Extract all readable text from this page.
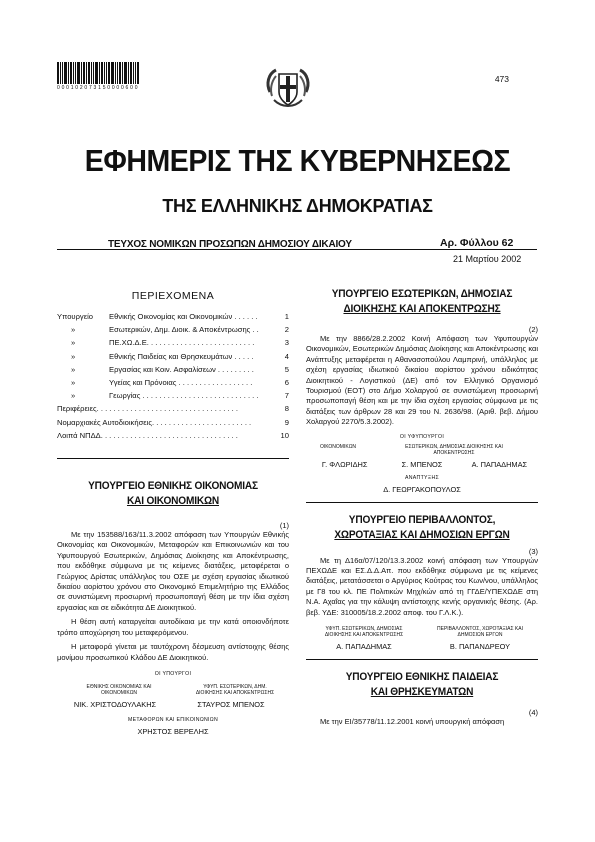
0 0 0 1 0 2 0 7 3 1 5 0 0 0 0 6 0 0
473
ΕΦΗΜΕΡΙΣ ΤΗΣ ΚΥΒΕΡΝΗΣΕΩΣ
ΤΗΣ ΕΛΛΗΝΙΚΗΣ ΔΗΜΟΚΡΑΤΙΑΣ
ΤΕΥΧΟΣ ΝΟΜΙΚΩΝ ΠΡΟΣΩΠΩΝ ΔΗΜΟΣΙΟΥ ΔΙΚΑΙΟΥ	Αρ. Φύλλου 62
21 Μαρτίου 2002
ΠΕΡΙΕΧΟΜΕΝΑ
Υπουργείο	Εθνικής Οικονομίας και Οικονομικών . . . . . .	1
»	Εσωτερικών, Δημ. Διοικ. & Αποκέντρωσης . .	2
»	ΠΕ.ΧΩ.Δ.Ε. . . . . . . . . . . . . . . . . . . . . . . . . .	3
»	Εθνικής Παιδείας και Θρησκευμάτων . . . . .	4
»	Εργασίας και Κοιν. Ασφαλίσεων . . . . . . . . .	5
»	Υγείας και Πρόνοιας . . . . . . . . . . . . . . . . . .	6
»	Γεωργίας . . . . . . . . . . . . . . . . . . . . . . . . . . . .	7
Περιφέρειες . . . . . . . . . . . . . . . . . . . . . . . . . . . . . . . . . .	8
Νομαρχιακές Αυτοδιοικήσεις . . . . . . . . . . . . . . . . . . . . . . . .	9
Λοιπά ΝΠΔΔ . . . . . . . . . . . . . . . . . . . . . . . . . . . . . . . . .	10
ΥΠΟΥΡΓΕΙΟ ΕΘΝΙΚΗΣ ΟΙΚΟΝΟΜΙΑΣ
ΚΑΙ ΟΙΚΟΝΟΜΙΚΩΝ
(1)

Με την 153588/163/11.3.2002 απόφαση των Υπουργών Εθνικής Οικονομίας και Οικονομικών, Μεταφορών και Επικοινωνιών και του Υφυπουργού Εσωτερικών, Δημόσιας Διοίκησης και Αποκέντρωσης, που εκδόθηκε σύμφωνα με τις κείμενες διατάξεις, μεταφέρεται ο Γεώργιος Δρίστας υπάλληλος του ΟΣΕ με σχέση εργασίας ιδιωτικού δικαίου αορίστου χρόνου στο Οικονομικό Επιμελητήριο της Ελλάδος σε συνιστώμενη προσωρινή προσωποπαγή θέση με την ίδια σχέση εργασίας και σε ειδικότητα ΔΕ Διοικητικού.

Η θέση αυτή καταργείται αυτοδίκαια με την κατά οποιονδήποτε τρόπο αποχώρηση του μεταφερόμενου.

Η μεταφορά γίνεται με ταυτόχρονη δέσμευση αντίστοιχης θέσης μονίμου προσωπικού Κλάδου ΔΕ Διοικητικού.

ΟΙ ΥΠΟΥΡΓΟΙ
ΕΘΝΙΚΗΣ ΟΙΚΟΝΟΜΙΑΣ ΚΑΙ ΟΙΚΟΝΟΜΙΚΩΝ
ΥΦΥΠ. ΕΣΩΤΕΡΙΚΩΝ, ΔΗΜ. ΔΙΟΙΚΗΣΗΣ ΚΑΙ ΑΠΟΚΕΝΤΡΩΣΗΣ
ΝΙΚ. ΧΡΙΣΤΟΔΟΥΛΑΚΗΣ	ΣΤΑΥΡΟΣ ΜΠΕΝΟΣ
ΜΕΤΑΦΟΡΩΝ ΚΑΙ ΕΠΙΚΟΙΝΩΝΙΩΝ
ΧΡΗΣΤΟΣ ΒΕΡΕΛΗΣ
ΥΠΟΥΡΓΕΙΟ ΕΣΩΤΕΡΙΚΩΝ, ΔΗΜΟΣΙΑΣ
ΔΙΟΙΚΗΣΗΣ ΚΑΙ ΑΠΟΚΕΝΤΡΩΣΗΣ
(2)

Με την 8866/28.2.2002 Κοινή Απόφαση των Υφυπουργών Οικονομικών, Εσωτερικών Δημόσιας Διοίκησης και Αποκέντρωσης και Ανάπτυξης μεταφέρεται η Αθανασοπούλου Λαμπρινή, υπάλληλος με σχέση εργασίας ιδιωτικού δικαίου αορίστου χρόνου ειδικότητας Διοικητικού - Λογιστικού (ΔΕ) από τον Ελληνικό Οργανισμό Τουρισμού (ΕΟΤ) στο Δήμο Χολαργού σε συνιστώμενη προσωρινή προσωποπαγή θέση και με την ίδια σχέση εργασίας σύμφωνα με τις διατάξεις των άρθρων 28 και 29 του Ν. 2636/98. (Αριθ. βεβ. Δήμου Χολαργού 2270/5.3.2002).

ΟΙ ΥΦΥΠΟΥΡΓΟΙ
ΟΙΚΟΝΟΜΙΚΩΝ	ΕΣΩΤΕΡΙΚΩΝ, ΔΗΜΟΣΙΑΣ ΔΙΟΙΚΗΣΗΣ ΚΑΙ ΑΠΟΚΕΝΤΡΩΣΗΣ
Γ. ΦΛΩΡΙΔΗΣ	Σ. ΜΠΕΝΟΣ	Α. ΠΑΠΑΔΗΜΑΣ
ΑΝΑΠΤΥΞΗΣ
Δ. ΓΕΩΡΓΑΚΟΠΟΥΛΟΣ
ΥΠΟΥΡΓΕΙΟ ΠΕΡΙΒΑΛΛΟΝΤΟΣ,
ΧΩΡΟΤΑΞΙΑΣ ΚΑΙ ΔΗΜΟΣΙΩΝ ΕΡΓΩΝ
(3)

Με τη Δ16α/07/120/13.3.2002 κοινή απόφαση των Υπουργών ΠΕΧΩΔΕ και ΕΣ.Δ.Δ.Απ. που εκδόθηκε σύμφωνα με τις κείμενες διατάξεις, μετατάσσεται ο Αργύριος Κούτρας του Κων/νου, υπάλληλος με Γ8 του κλ. ΠΕ Πολιτικών Μηχ/κών από τη ΓΓΔΕ/ΥΠΕΧΩΔΕ στη Ν.Α. Αχαΐας για την κάλυψη αντίστοιχης κενής οργανικής θέσης. (Αρ. βεβ. ΥΔΕ: 310005/18.2.2002 αποφ. του Γ.Λ.Κ.).

ΥΦΥΠ. ΕΣΩΤΕΡΙΚΩΝ, ΔΗΜΟΣΙΑΣ ΔΙΟΙΚΗΣΗΣ ΚΑΙ ΑΠΟΚΕΝΤΡΩΣΗΣ
ΠΕΡΙΒΑΛΛΟΝΤΟΣ, ΧΩΡΟΤΑΞΙΑΣ ΚΑΙ ΔΗΜΟΣΙΩΝ ΕΡΓΩΝ
Α. ΠΑΠΑΔΗΜΑΣ	Β. ΠΑΠΑΝΔΡΕΟΥ
ΥΠΟΥΡΓΕΙΟ ΕΘΝΙΚΗΣ ΠΑΙΔΕΙΑΣ
ΚΑΙ ΘΡΗΣΚΕΥΜΑΤΩΝ
(4)

Με την ΕΙ/35778/11.12.2001 κοινή υπουργική απόφαση
